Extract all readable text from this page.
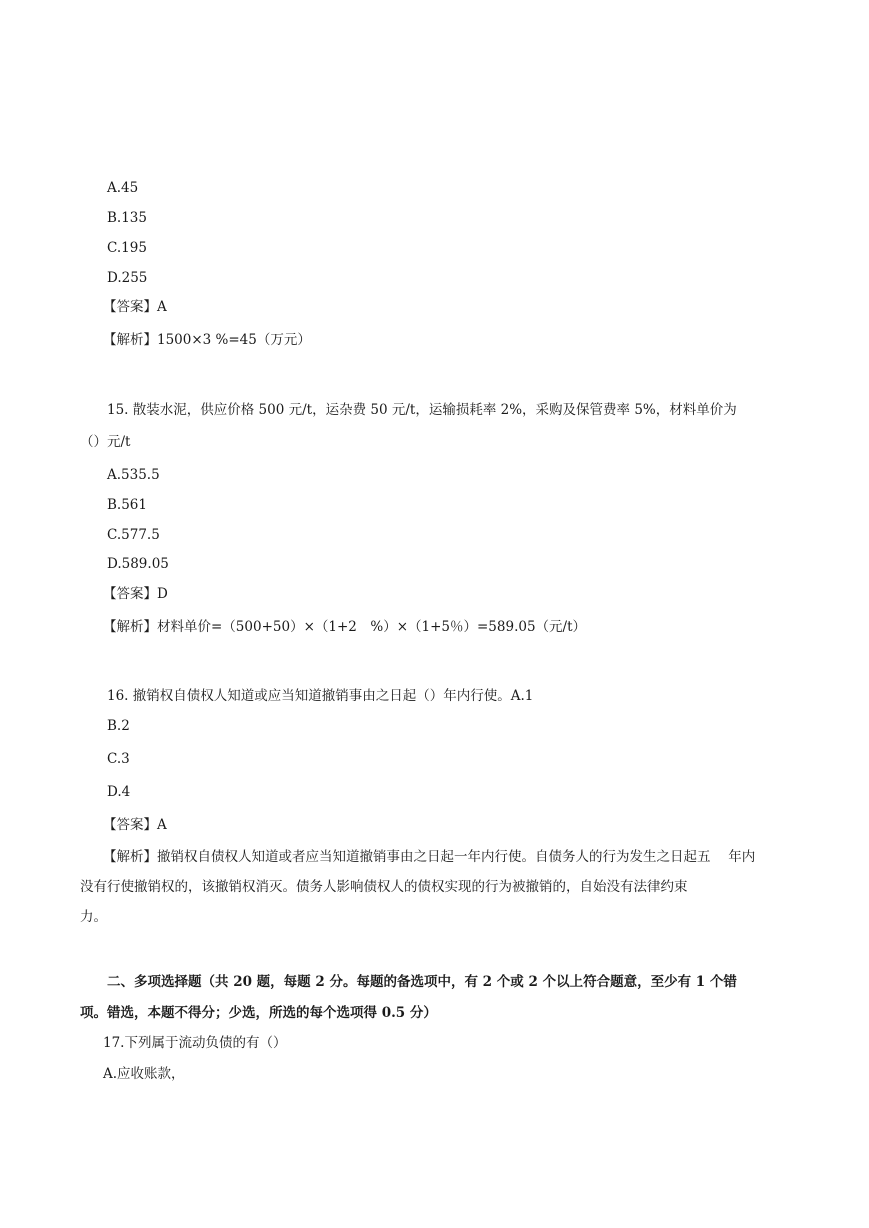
A.45
B.135
C.195
D.255
【答案】A
【解析】1500×3 %=45（万元）
15. 散装水泥，供应价格 500 元/t，运杂费 50 元/t，运输损耗率 2%，采购及保管费率 5%，材料单价为
（）元/t
A.535.5
B.561
C.577.5
D.589.05
【答案】D
【解析】材料单价=（500+50）×（1+2　%）×（1+5％）=589.05（元/t）
16. 撤销权自债权人知道或应当知道撤销事由之日起（）年内行使。A.1
B.2
C.3
D.4
【答案】A
【解析】撤销权自债权人知道或者应当知道撤销事由之日起一年内行使。自债务人的行为发生之日起五　 年内
没有行使撤销权的，该撤销权消灭。债务人影响债权人的债权实现的行为被撤销的，自始没有法律约束
力。
二、多项选择题（共 20 题，每题 2 分。每题的备选项中，有 2 个或 2 个以上符合题意，至少有 1 个错
项。错选，本题不得分；少选，所选的每个选项得 0.5 分）
17.下列属于流动负债的有（）
A.应收账款，
